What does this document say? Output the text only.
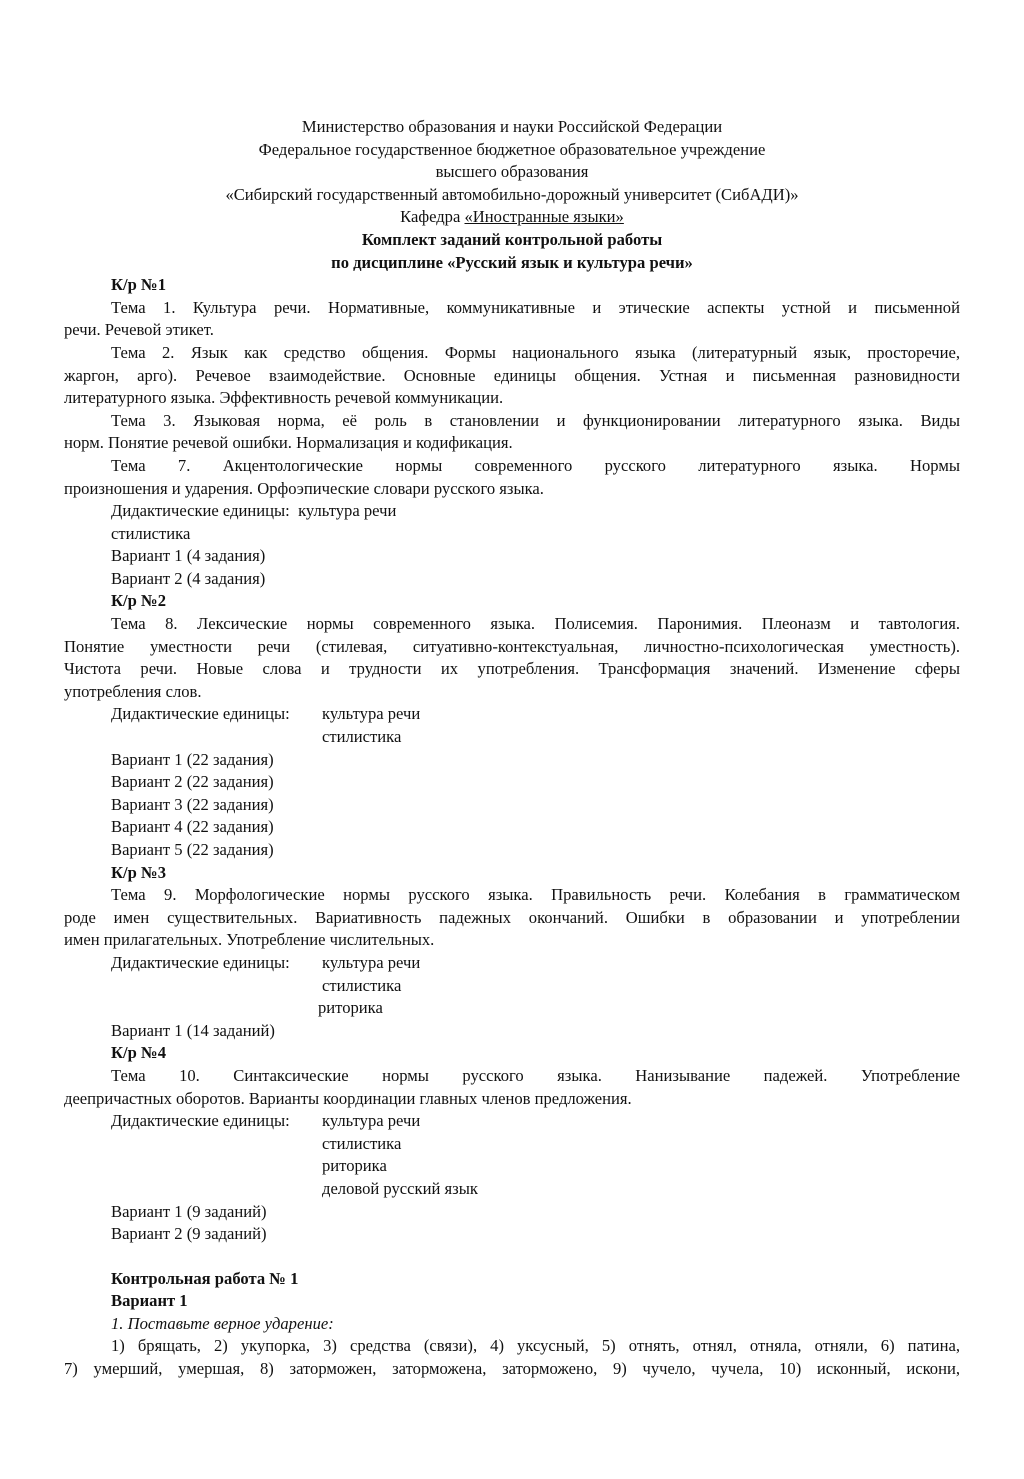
Министерство образования и науки Российской Федерации
Федеральное государственное бюджетное образовательное учреждение
высшего образования
«Сибирский государственный автомобильно-дорожный университет (СибАДИ)»
Кафедра «Иностранные языки»
Комплект заданий контрольной работы
по дисциплине «Русский язык и культура речи»
К/р №1
Тема 1. Культура речи. Нормативные, коммуникативные и этические аспекты устной и письменной
речи. Речевой этикет.
Тема 2. Язык как средство общения. Формы национального языка (литературный язык, просторечие,
жаргон, арго). Речевое взаимодействие. Основные единицы общения. Устная и письменная разновидности
литературного языка. Эффективность речевой коммуникации.
Тема 3. Языковая норма, её роль в становлении и функционировании литературного языка. Виды
норм. Понятие речевой ошибки. Нормализация и кодификация.
Тема 7. Акцентологические нормы современного русского литературного языка. Нормы
произношения и ударения. Орфоэпические словари русского языка.
Дидактические единицы: культура речи
стилистика
Вариант 1 (4 задания)
Вариант 2 (4 задания)
К/р №2
Тема 8. Лексические нормы современного языка. Полисемия. Паронимия. Плеоназм и тавтология.
Понятие уместности речи (стилевая, ситуативно-контекстуальная, личностно-психологическая уместность).
Чистота речи. Новые слова и трудности их употребления. Трансформация значений. Изменение сферы
употребления слов.
Дидактические единицы:	культура речи
стилистика
Вариант 1 (22 задания)
Вариант 2 (22 задания)
Вариант 3 (22 задания)
Вариант 4 (22 задания)
Вариант 5 (22 задания)
К/р №3
Тема 9. Морфологические нормы русского языка. Правильность речи. Колебания в грамматическом
роде имен существительных. Вариативность падежных окончаний. Ошибки в образовании и употреблении
имен прилагательных. Употребление числительных.
Дидактические единицы:	культура речи
стилистика
риторика
Вариант 1 (14 заданий)
К/р №4
Тема 10. Синтаксические нормы русского языка. Нанизывание падежей. Употребление
деепричастных оборотов. Варианты координации главных членов предложения.
Дидактические единицы:	культура речи
стилистика
риторика
деловой русский язык
Вариант 1 (9 заданий)
Вариант 2 (9 заданий)
Контрольная работа № 1
Вариант 1
1. Поставьте верное ударение:
1) брящать, 2) укупорка, 3) средства (связи), 4) уксусный, 5) отнять, отнял, отняла, отняли, 6) патина,
7) умерший, умершая, 8) заторможен, заторможена, заторможено, 9) чучело, чучела, 10) исконный, искони,
